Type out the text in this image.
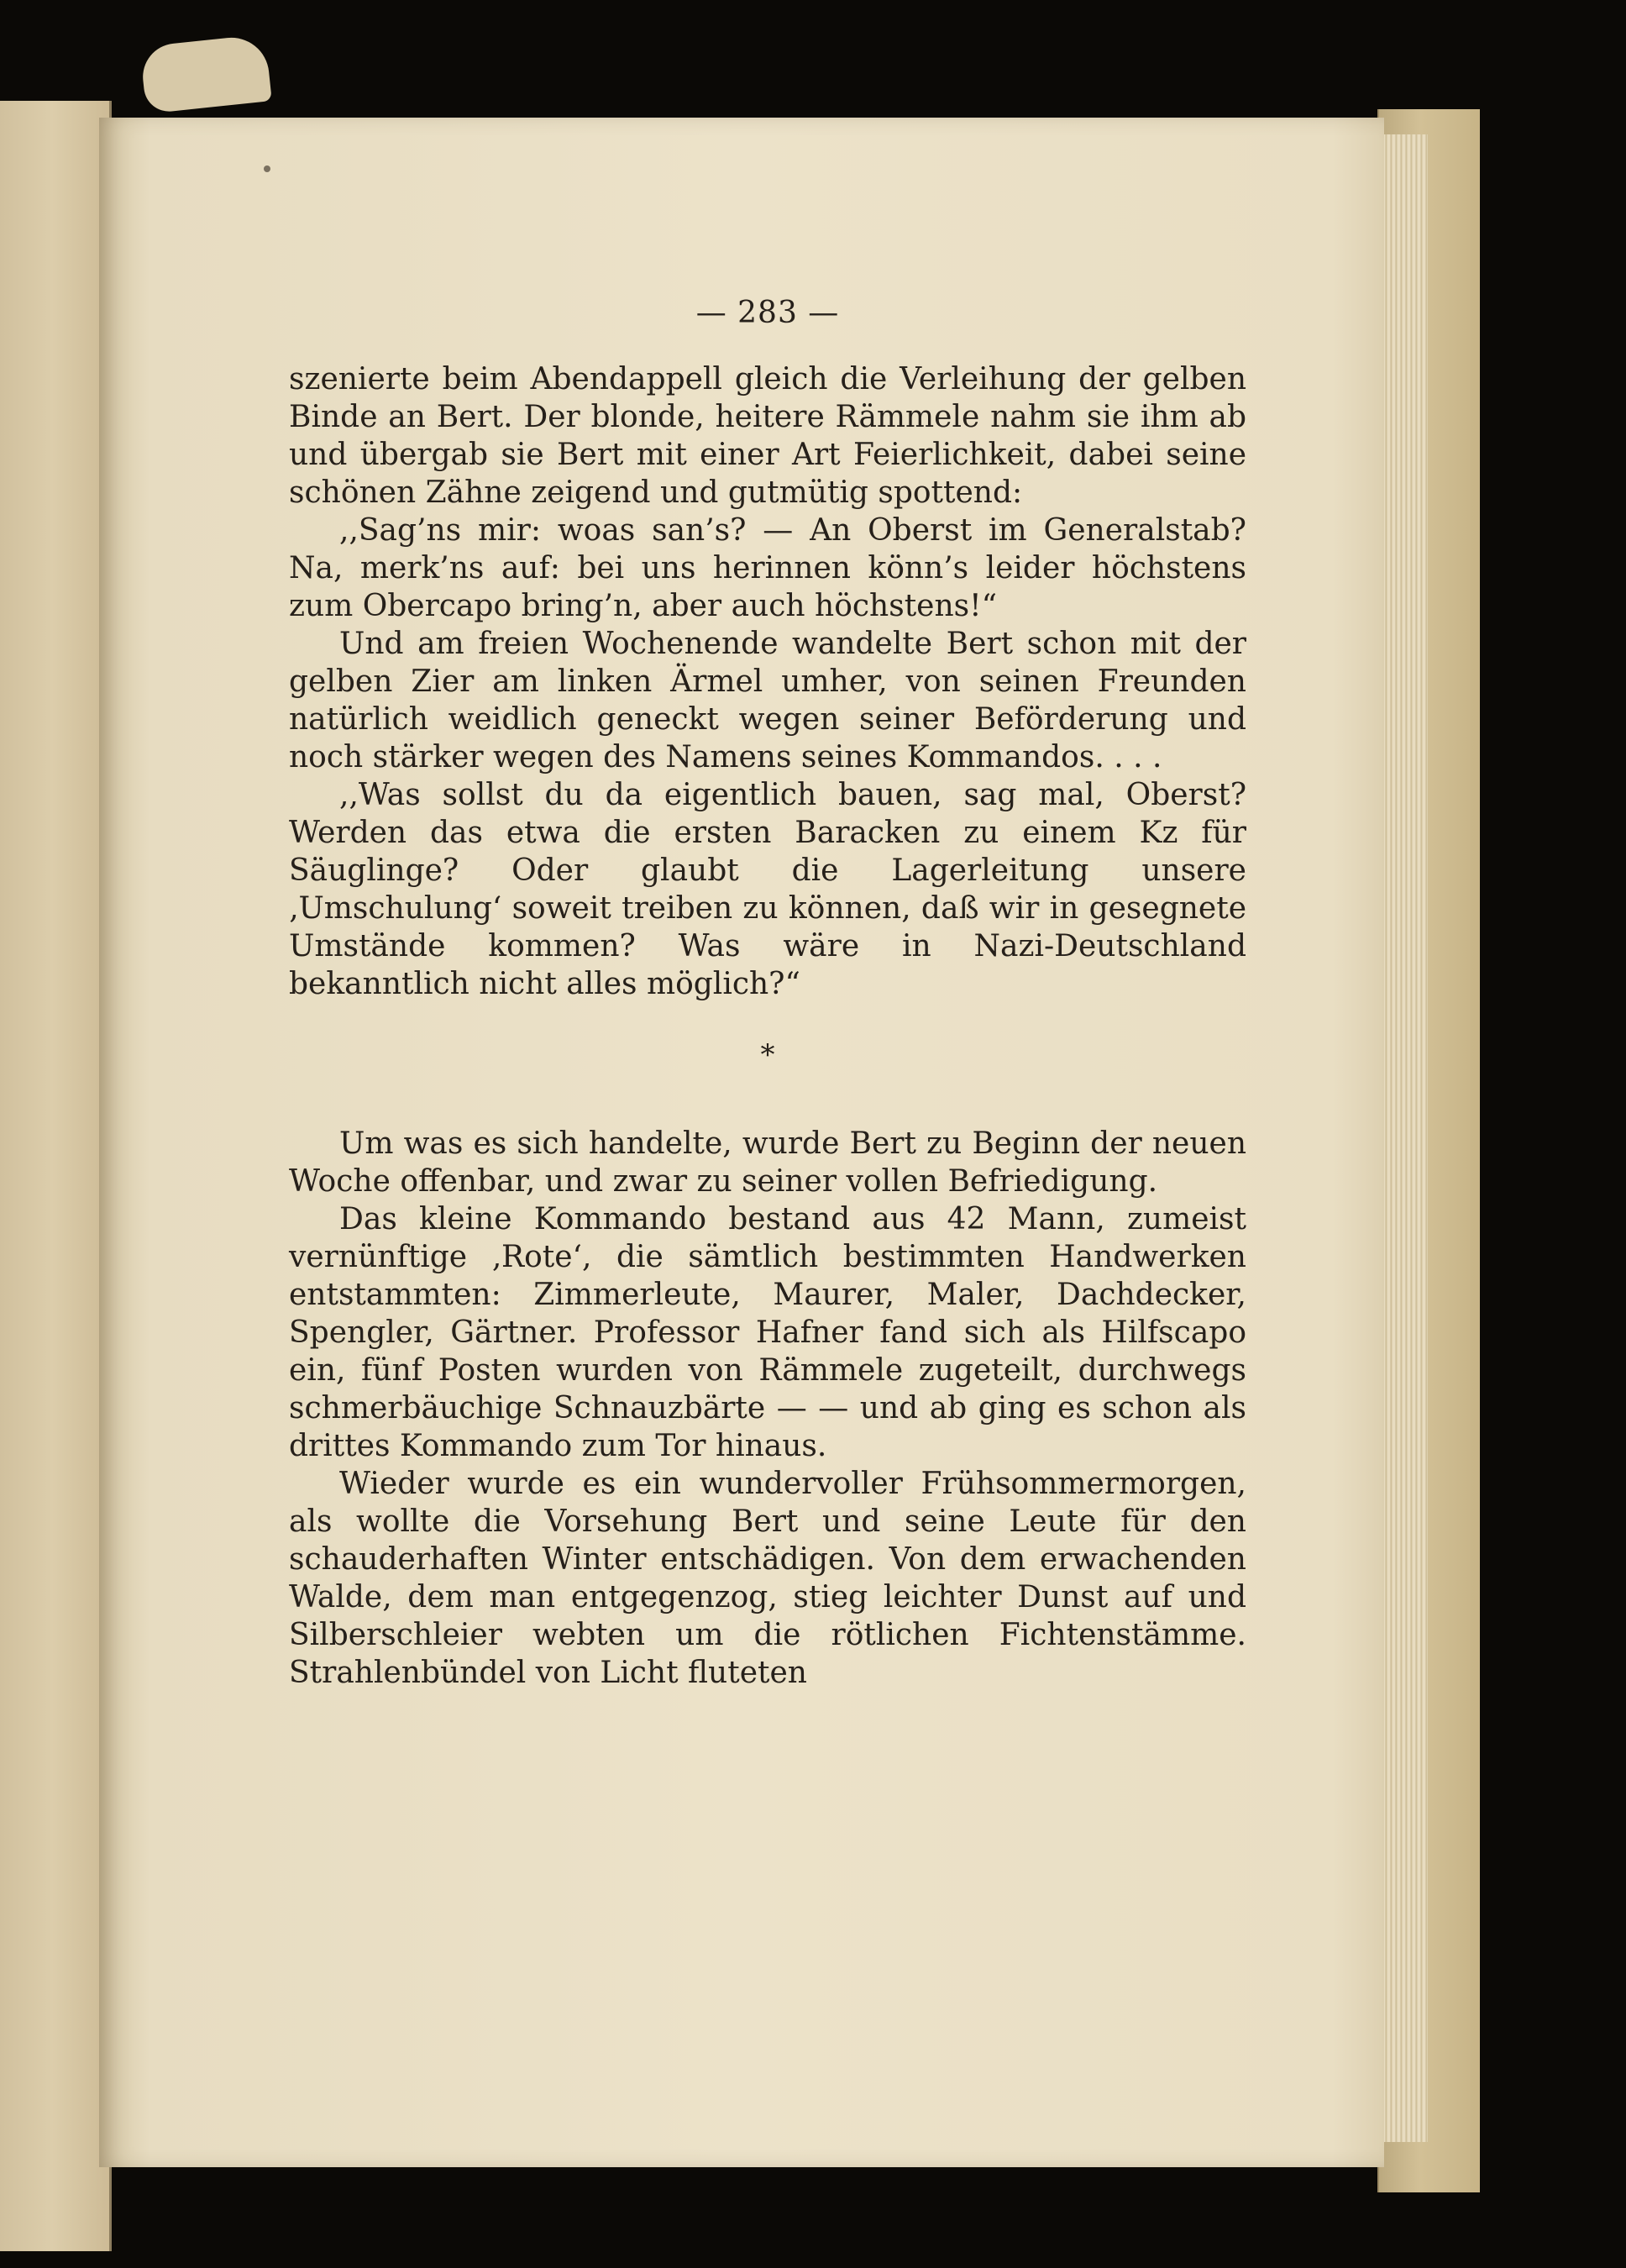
— 283 —

szenierte beim Abendappell gleich die Verleihung der gelben Binde an Bert. Der blonde, heitere Rämmele nahm sie ihm ab und übergab sie Bert mit einer Art Feierlichkeit, dabei seine schönen Zähne zeigend und gutmütig spottend:

,,Sag’ns mir: woas san’s? — An Oberst im Generalstab? Na, merk’ns auf: bei uns herinnen könn’s leider höchstens zum Obercapo bring’n, aber auch höchstens!“

Und am freien Wochenende wandelte Bert schon mit der gelben Zier am linken Ärmel umher, von seinen Freunden natürlich weidlich geneckt wegen seiner Beförderung und noch stärker wegen des Namens seines Kommandos. . . .

,,Was sollst du da eigentlich bauen, sag mal, Oberst? Werden das etwa die ersten Baracken zu einem Kz für Säuglinge? Oder glaubt die Lagerleitung unsere ‚Umschulung‘ soweit treiben zu können, daß wir in gesegnete Umstände kommen? Was wäre in Nazi-Deutschland bekanntlich nicht alles möglich?“

*

Um was es sich handelte, wurde Bert zu Beginn der neuen Woche offenbar, und zwar zu seiner vollen Befriedigung.

Das kleine Kommando bestand aus 42 Mann, zumeist vernünftige ‚Rote‘, die sämtlich bestimmten Handwerken entstammten: Zimmerleute, Maurer, Maler, Dachdecker, Spengler, Gärtner. Professor Hafner fand sich als Hilfscapo ein, fünf Posten wurden von Rämmele zugeteilt, durchwegs schmerbäuchige Schnauzbärte — — und ab ging es schon als drittes Kommando zum Tor hinaus.

Wieder wurde es ein wundervoller Frühsommermorgen, als wollte die Vorsehung Bert und seine Leute für den schauderhaften Winter entschädigen. Von dem erwachenden Walde, dem man entgegenzog, stieg leichter Dunst auf und Silberschleier webten um die rötlichen Fichtenstämme. Strahlenbündel von Licht fluteten
